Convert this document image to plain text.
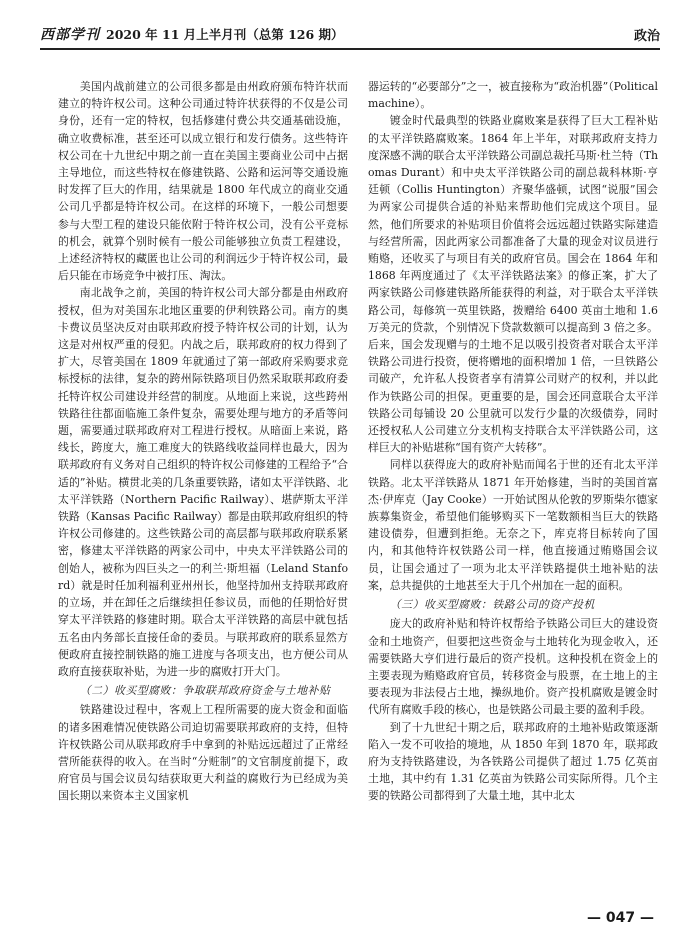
西部学刊 2020 年 11 月上半月刊（总第 126 期）	政治

美国内战前建立的公司很多都是由州政府颁布特许状而建立的特许权公司。这种公司通过特许状获得的不仅是公司身份，还有一定的特权，包括修建付费公共交通基础设施，确立收费标准，甚至还可以成立银行和发行债务。这些特许权公司在十九世纪中期之前一直在美国主要商业公司中占据主导地位，而这些特权在修建铁路、公路和运河等交通设施时发挥了巨大的作用，结果就是 1800 年代成立的商业交通公司几乎都是特许权公司。在这样的环境下，一般公司想要参与大型工程的建设只能依附于特许权公司，没有公平竞标的机会，就算个别时候有一般公司能够独立负责工程建设，上述经济特权的藏匿也让公司的利润远少于特许权公司，最后只能在市场竞争中被打压、淘汰。

南北战争之前，美国的特许权公司大部分都是由州政府授权，但为对美国东北地区重要的伊利铁路公司。南方的奥卡费议员坚决反对由联邦政府授予特许权公司的计划，认为这是对州权严重的侵犯。内战之后，联邦政府的权力得到了扩大，尽管美国在 1809 年就通过了第一部政府采购要求竞标授标的法律，复杂的跨州际铁路项目仍然采取联邦政府委托特许权公司建设并经营的制度。从地面上来说，这些跨州铁路往往都面临施工条件复杂，需要处理与地方的矛盾等问题，需要通过联邦政府对工程进行授权。从暗面上来说，路线长，跨度大，施工难度大的铁路线收益同样也最大，因为联邦政府有义务对自己组织的特许权公司修建的工程给予“合适的”补贴。横贯北美的几条重要铁路，诸如太平洋铁路、北太平洋铁路（Northern Pacific Railway）、堪萨斯太平洋铁路（Kansas Pacific Railway）都是由联邦政府组织的特许权公司修建的。这些铁路公司的高层都与联邦政府联系紧密，修建太平洋铁路的两家公司中，中央太平洋铁路公司的创始人，被称为四巨头之一的利兰·斯坦福（Leland Stanford）就是时任加利福利亚州州长，他坚持加州支持联邦政府的立场，并在卸任之后继续担任参议员，而他的任期恰好贯穿太平洋铁路的修建时期。联合太平洋铁路的高层中就包括五名由内务部长直接任命的委员。与联邦政府的联系显然方便政府直接控制铁路的施工进度与各项支出，也方便公司从政府直接获取补贴，为进一步的腐败打开大门。

（二）收买型腐败：争取联邦政府资金与土地补贴

铁路建设过程中，客观上工程所需要的庞大资金和面临的诸多困难情况使铁路公司迫切需要联邦政府的支持，但特许权铁路公司从联邦政府手中拿到的补贴远远超过了正常经营所能获得的收入。在当时“分赃制”的文官制度前提下，政府官员与国会议员勾结获取更大利益的腐败行为已经成为美国长期以来资本主义国家机

器运转的“必要部分”之一，被直接称为“政治机器”（Political machine）。

镀金时代最典型的铁路业腐败案是获得了巨大工程补贴的太平洋铁路腐败案。1864 年上半年，对联邦政府支持力度深感不满的联合太平洋铁路公司副总裁托马斯·杜兰特（Thomas Durant）和中央太平洋铁路公司的副总裁科林斯·亨廷顿（Collis Huntington）齐聚华盛顿，试图“说服”国会为两家公司提供合适的补贴来帮助他们完成这个项目。显然，他们所要求的补贴项目价值将会远远超过铁路实际建造与经营所需，因此两家公司都准备了大量的现金对议员进行贿赂，还收买了与项目有关的政府官员。国会在 1864 年和 1868 年两度通过了《太平洋铁路法案》的修正案，扩大了两家铁路公司修建铁路所能获得的利益，对于联合太平洋铁路公司，每修筑一英里铁路，拨赠给 6400 英亩土地和 1.6 万美元的贷款，个别情况下贷款数额可以提高到 3 倍之多。后来，国会发现赠与的土地不足以吸引投资者对联合太平洋铁路公司进行投资，便将赠地的面积增加 1 倍，一旦铁路公司破产，允许私人投资者享有清算公司财产的权利，并以此作为铁路公司的担保。更重要的是，国会还同意联合太平洋铁路公司每铺设 20 公里就可以发行少量的次级债券，同时还授权私人公司建立分支机构支持联合太平洋铁路公司，这样巨大的补贴堪称“国有资产大转移”。

同样以获得庞大的政府补贴而闻名于世的还有北太平洋铁路。北太平洋铁路从 1871 年开始修建，当时的美国首富杰·伊库克（Jay Cooke）一开始试图从伦敦的罗斯柴尔德家族募集资金，希望他们能够购买下一笔数额相当巨大的铁路建设债券，但遭到拒绝。无奈之下，库克将目标转向了国内，和其他特许权铁路公司一样，他直接通过贿赂国会议员，让国会通过了一项为北太平洋铁路提供土地补贴的法案，总共提供的土地甚至大于几个州加在一起的面积。

（三）收买型腐败：铁路公司的资产投机

庞大的政府补贴和特许权帮给予铁路公司巨大的建设资金和土地资产，但要把这些资金与土地转化为现金收入，还需要铁路大亨们进行最后的资产投机。这种投机在资金上的主要表现为贿赂政府官员，转移资金与股票，在土地上的主要表现为非法侵占土地，操纵地价。资产投机腐败是镀金时代所有腐败手段的核心，也是铁路公司最主要的盈利手段。

到了十九世纪十期之后，联邦政府的土地补贴政策逐渐陷入一发不可收拾的境地，从 1850 年到 1870 年，联邦政府为支持铁路建设，为各铁路公司提供了超过 1.75 亿英亩土地，其中约有 1.31 亿英亩为铁路公司实际所得。几个主要的铁路公司都得到了大量土地，其中北太

— 047 —
